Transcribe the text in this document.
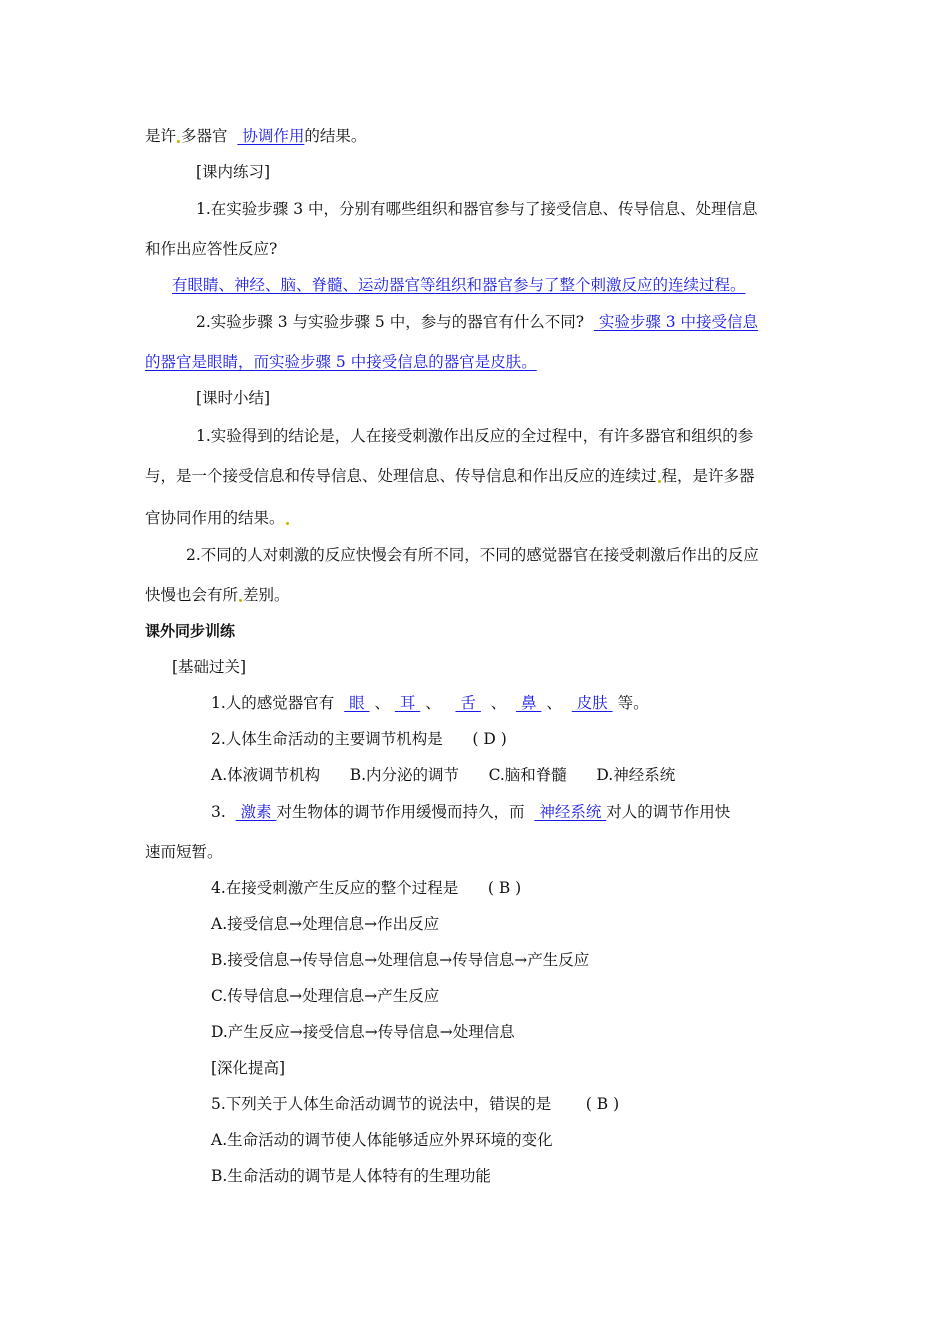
是许 多器官   协调作用的结果。
[课内练习]
1.在实验步骤 3 中，分别有哪些组织和器官参与了接受信息、传导信息、处理信息
和作出应答性反应?
有眼睛、神经、脑、脊髓、运动器官等组织和器官参与了整个刺激反应的连续过程。
2.实验步骤 3 与实验步骤 5 中，参与的器官有什么不同?   实验步骤 3 中接受信息
的器官是眼睛，而实验步骤 5 中接受信息的器官是皮肤。
[课时小结]
1.实验得到的结论是，人在接受刺激作出反应的全过程中，有许多器官和组织的参
与，是一个接受信息和传导信息、处理信息、传导信息和作出反应的连续过 程，是许多器
官协同作用的结果。
2.不同的人对刺激的反应快慢会有所不同，不同的感觉器官在接受刺激后作出的反应
快慢也会有所 差别。
课外同步训练
[基础过关]
1.人的感觉器官有   眼  、  耳  、    舌   、   鼻  、   皮肤  等。
2.人体生命活动的主要调节机构是 ( D )
A.体液调节机构 B.内分泌的调节 C.脑和脊髓 D.神经系统
3.   激素 对生物体的调节作用缓慢而持久，而   神经系统 对人的调节作用快
速而短暂。
4.在接受刺激产生反应的整个过程是 ( B )
A.接受信息→处理信息→作出反应
B.接受信息→传导信息→处理信息→传导信息→产生反应
C.传导信息→处理信息→产生反应
D.产生反应→接受信息→传导信息→处理信息
[深化提高]
5.下列关于人体生命活动调节的说法中，错误的是 ( B )
A.生命活动的调节使人体能够适应外界环境的变化
B.生命活动的调节是人体特有的生理功能
